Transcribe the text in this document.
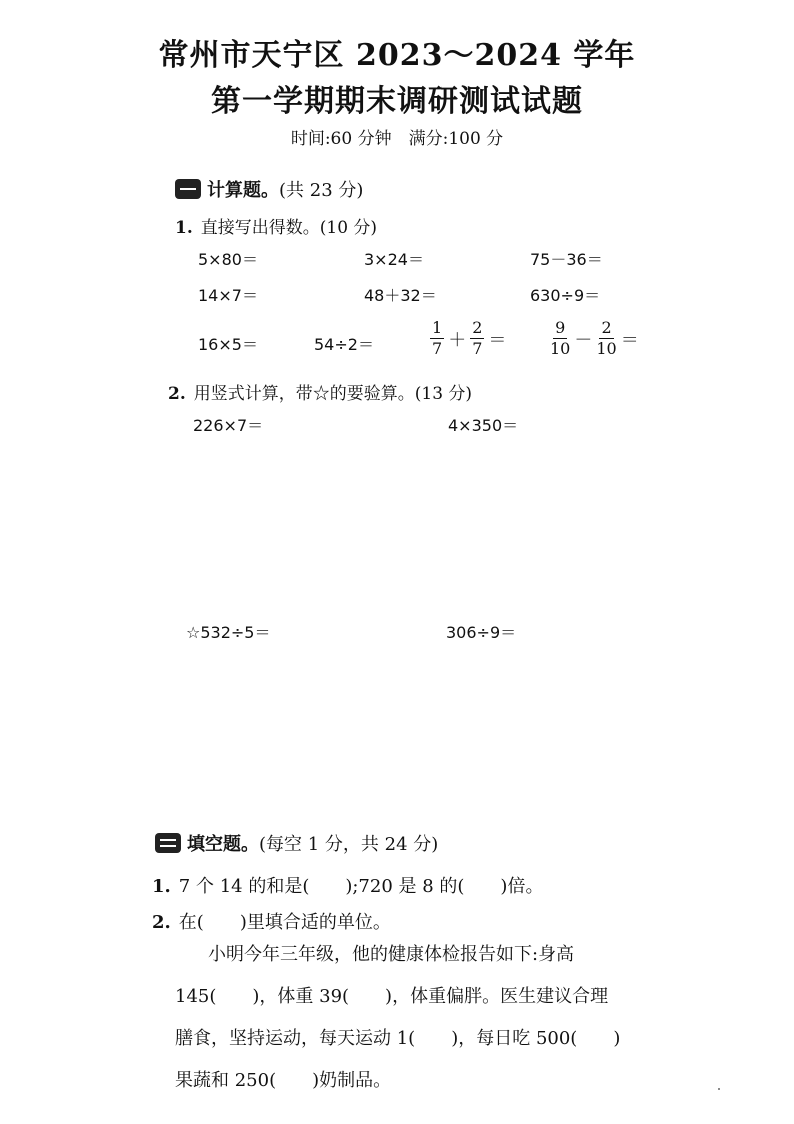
常州市天宁区 2023～2024 学年
第一学期期末调研测试试题
时间:60 分钟　满分:100 分
计算题。 (共 23 分)
1. 直接写出得数。(10 分)
5×80＝	3×24＝	75－36＝
14×7＝	48＋32＝	630÷9＝
16×5＝	54÷2＝	$\frac{1}{7} + \frac{2}{7}$ ＝	$\frac{9}{10} - \frac{2}{10}$ ＝
2. 用竖式计算，带☆的要验算。(13 分)
226×7＝	4×350＝
☆532÷5＝	306÷9＝
填空题。 (每空 1 分，共 24 分)
1. 7 个 14 的和是(　　);720 是 8 的(　　)倍。
2. 在(　　)里填合适的单位。
小明今年三年级，他的健康体检报告如下:身高
145(　　)，体重 39(　　)，体重偏胖。医生建议合理
膳食，坚持运动，每天运动 1(　　)，每日吃 500(　　)
果蔬和 250(　　)奶制品。
